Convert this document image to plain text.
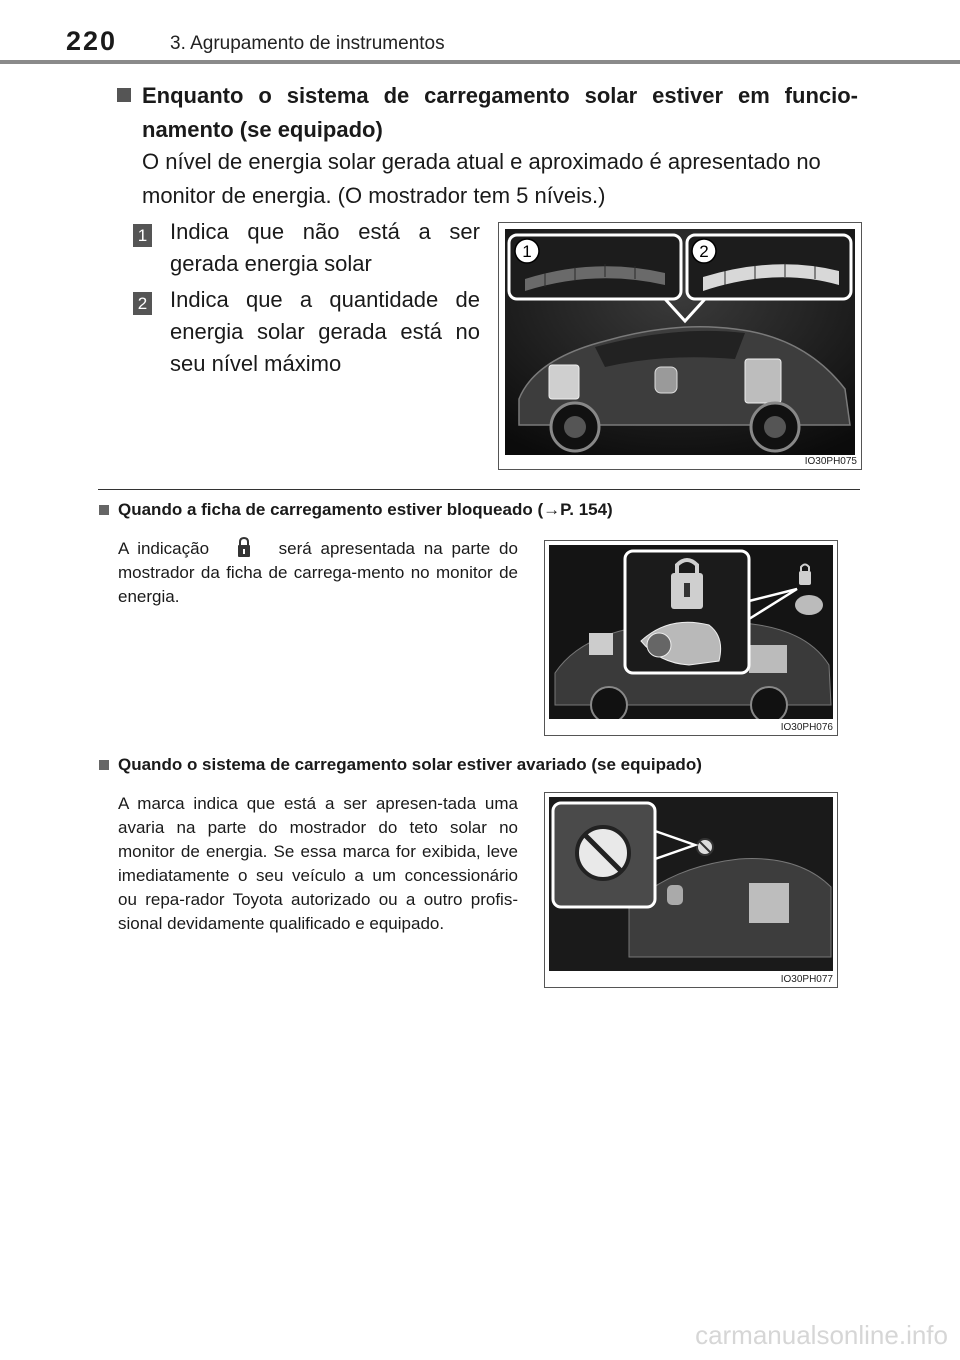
220	3. Agrupamento de instrumentos
Enquanto o sistema de carregamento solar estiver em funcio-namento (se equipado)
O nível de energia solar gerada atual e aproximado é apresentado no monitor de energia. (O mostrador tem 5 níveis.)
1 Indica que não está a ser gerada energia solar
2 Indica que a quantidade de energia solar gerada está no seu nível máximo
1	2
IO30PH075
Quando a ficha de carregamento estiver bloqueado (→P. 154)
A indicação	será apresentada na parte do mostrador da ficha de carrega-mento no monitor de energia.
IO30PH076
Quando o sistema de carregamento solar estiver avariado (se equipado)
A marca indica que está a ser apresen-tada uma avaria na parte do mostrador do teto solar no monitor de energia. Se essa marca for exibida, leve imediatamente o seu veículo a um concessionário ou repa-rador Toyota autorizado ou a outro profis-sional devidamente qualificado e equipado.
IO30PH077
carmanualsonline.info
